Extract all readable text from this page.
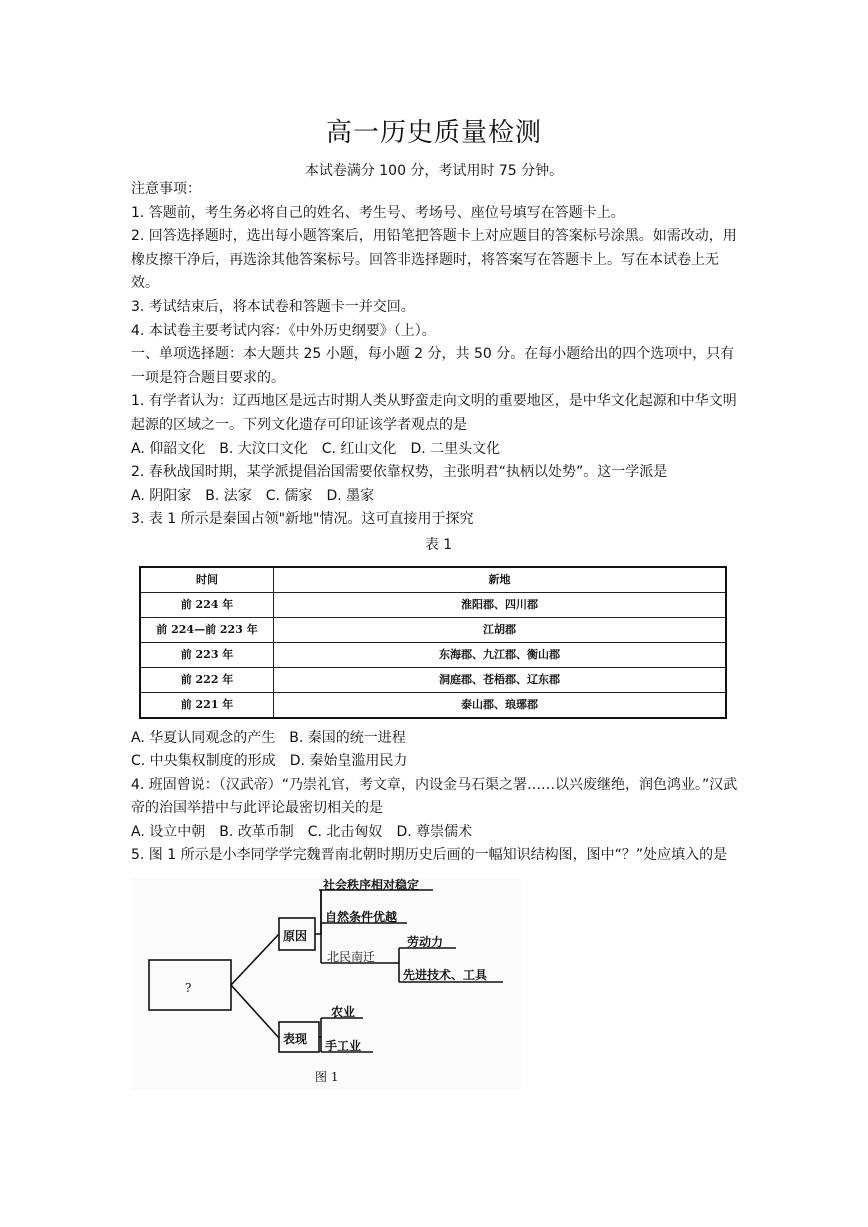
高一历史质量检测
本试卷满分 100 分，考试用时 75 分钟。

注意事项：

1. 答题前，考生务必将自己的姓名、考生号、考场号、座位号填写在答题卡上。

2. 回答选择题时，选出每小题答案后，用铅笔把答题卡上对应题目的答案标号涂黑。如需改动，用橡皮擦干净后，再选涂其他答案标号。回答非选择题时，将答案写在答题卡上。写在本试卷上无效。

3. 考试结束后，将本试卷和答题卡一并交回。

4. 本试卷主要考试内容：《中外历史纲要》（上）。

一、单项选择题：本大题共 25 小题，每小题 2 分，共 50 分。在每小题给出的四个选项中，只有一项是符合题目要求的。

1. 有学者认为：辽西地区是远古时期人类从野蛮走向文明的重要地区，是中华文化起源和中华文明起源的区域之一。下列文化遗存可印证该学者观点的是

A. 仰韶文化 B. 大汶口文化 C. 红山文化 D. 二里头文化

2. 春秋战国时期，某学派提倡治国需要依靠权势，主张明君“执柄以处势”。这一学派是

A. 阴阳家 B. 法家 C. 儒家 D. 墨家

3. 表 1 所示是秦国占领"新地"情况。这可直接用于探究

表 1
时间	新地
前 224 年	淮阳郡、四川郡
前 224—前 223 年	江胡郡
前 223 年	东海郡、九江郡、衡山郡
前 222 年	洞庭郡、苍梧郡、辽东郡
前 221 年	泰山郡、琅琊郡

A. 华夏认同观念的产生 B. 秦国的统一进程

C. 中央集权制度的形成 D. 秦始皇滥用民力

4. 班固曾说：（汉武帝）“乃崇礼官，考文章，内设金马石渠之署……以兴废继绝，润色鸿业。”汉武帝的治国举措中与此评论最密切相关的是

A. 设立中朝 B. 改革币制 C. 北击匈奴 D. 尊崇儒术

5. 图 1 所示是小李同学学完魏晋南北朝时期历史后画的一幅知识结构图，图中“？”处应填入的是

?
原因
表现
社会秩序相对稳定
自然条件优越
北民南迁
劳动力
先进技术、工具
农业
手工业
图 1
